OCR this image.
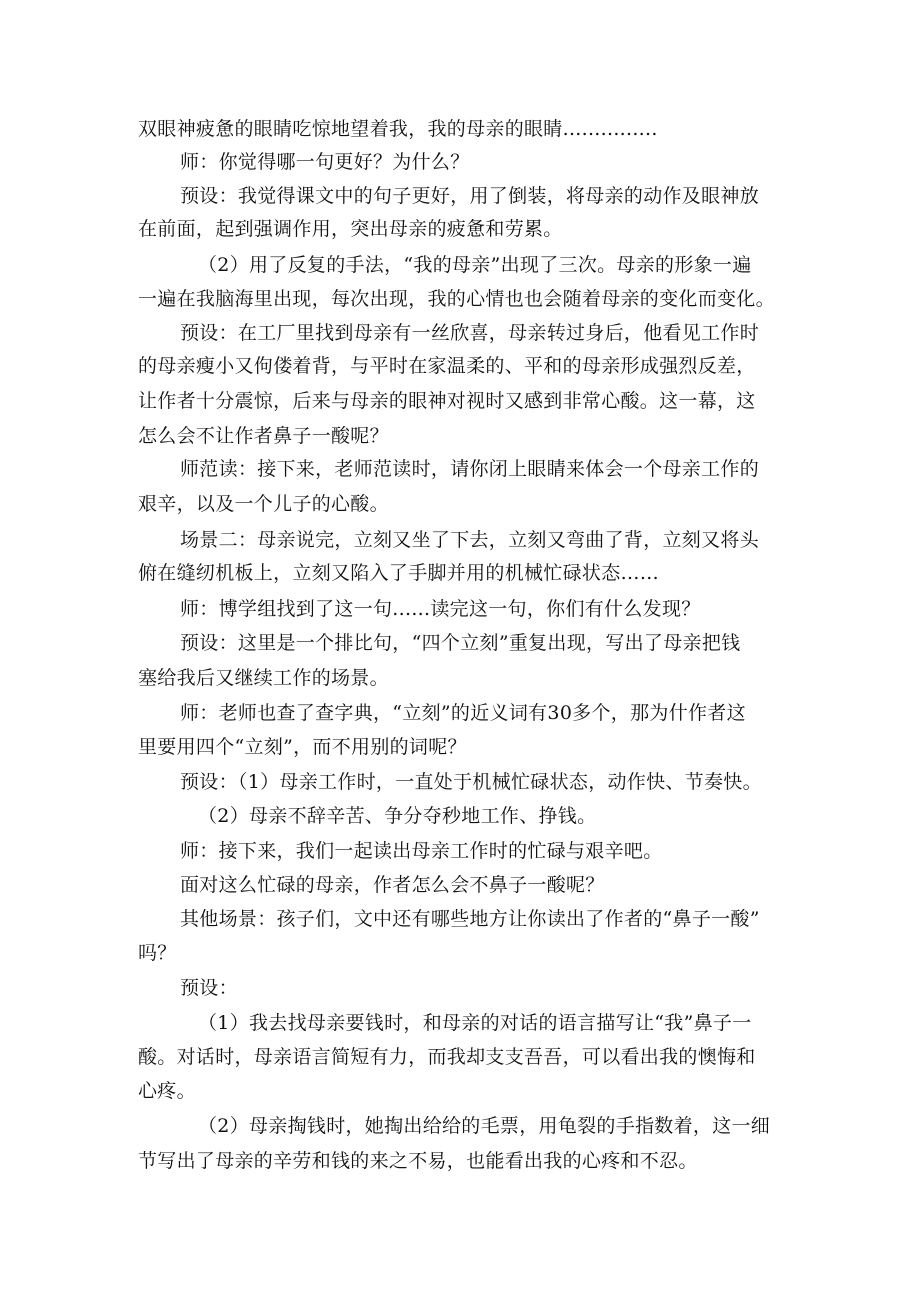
双眼神疲惫的眼睛吃惊地望着我，我的母亲的眼睛...............
师：你觉得哪一句更好？为什么？
预设：我觉得课文中的句子更好，用了倒装，将母亲的动作及眼神放
在前面，起到强调作用，突出母亲的疲惫和劳累。
（2）用了反复的手法，“我的母亲”出现了三次。母亲的形象一遍
一遍在我脑海里出现，每次出现，我的心情也也会随着母亲的变化而变化。
预设：在工厂里找到母亲有一丝欣喜，母亲转过身后，他看见工作时
的母亲瘦小又佝偻着背，与平时在家温柔的、平和的母亲形成强烈反差，
让作者十分震惊，后来与母亲的眼神对视时又感到非常心酸。这一幕，这
怎么会不让作者鼻子一酸呢？
师范读：接下来，老师范读时，请你闭上眼睛来体会一个母亲工作的
艰辛，以及一个儿子的心酸。
场景二：母亲说完，立刻又坐了下去，立刻又弯曲了背，立刻又将头
俯在缝纫机板上，立刻又陷入了手脚并用的机械忙碌状态……
师：博学组找到了这一句......读完这一句，你们有什么发现？
预设：这里是一个排比句，“四个立刻”重复出现，写出了母亲把钱
塞给我后又继续工作的场景。
师：老师也查了查字典，“立刻”的近义词有30多个，那为什作者这
里要用四个“立刻”，而不用别的词呢？
预设：（1）母亲工作时，一直处于机械忙碌状态，动作快、节奏快。
（2）母亲不辞辛苦、争分夺秒地工作、挣钱。
师：接下来，我们一起读出母亲工作时的忙碌与艰辛吧。
面对这么忙碌的母亲，作者怎么会不鼻子一酸呢？
其他场景：孩子们，文中还有哪些地方让你读出了作者的“鼻子一酸”
吗？
预设：
（1）我去找母亲要钱时，和母亲的对话的语言描写让“我”鼻子一
酸。对话时，母亲语言简短有力，而我却支支吾吾，可以看出我的懊悔和
心疼。
（2）母亲掏钱时，她掏出给给的毛票，用龟裂的手指数着，这一细
节写出了母亲的辛劳和钱的来之不易，也能看出我的心疼和不忍。
